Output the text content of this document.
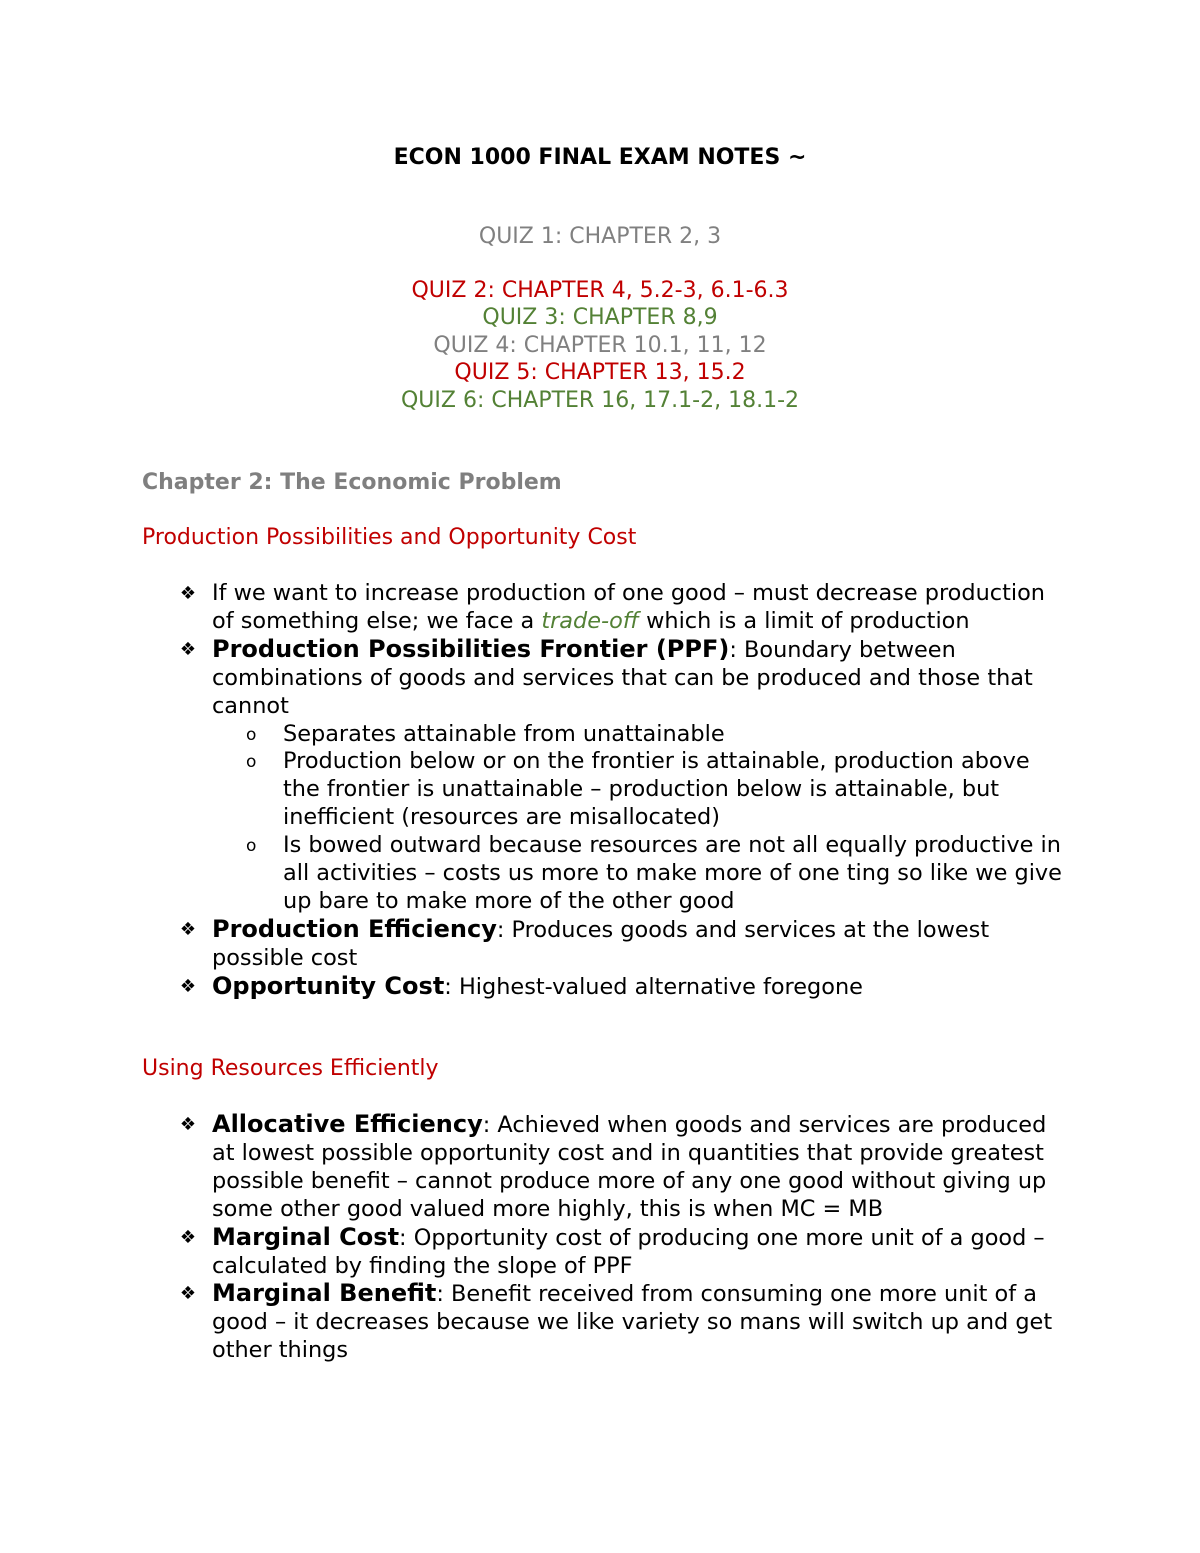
ECON 1000 FINAL EXAM NOTES ~
QUIZ 1: CHAPTER 2, 3
QUIZ 2: CHAPTER 4, 5.2-3, 6.1-6.3
QUIZ 3: CHAPTER 8,9
QUIZ 4: CHAPTER 10.1, 11, 12
QUIZ 5: CHAPTER 13, 15.2
QUIZ 6: CHAPTER 16, 17.1-2, 18.1-2
Chapter 2: The Economic Problem
Production Possibilities and Opportunity Cost
❖ If we want to increase production of one good – must decrease production of something else; we face a trade-off which is a limit of production
❖ Production Possibilities Frontier (PPF): Boundary between combinations of goods and services that can be produced and those that cannot
o Separates attainable from unattainable
o Production below or on the frontier is attainable, production above the frontier is unattainable – production below is attainable, but inefficient (resources are misallocated)
o Is bowed outward because resources are not all equally productive in all activities – costs us more to make more of one ting so like we give up bare to make more of the other good
❖ Production Efficiency: Produces goods and services at the lowest possible cost
❖ Opportunity Cost: Highest-valued alternative foregone
Using Resources Efficiently
❖ Allocative Efficiency: Achieved when goods and services are produced at lowest possible opportunity cost and in quantities that provide greatest possible benefit – cannot produce more of any one good without giving up some other good valued more highly, this is when MC = MB
❖ Marginal Cost: Opportunity cost of producing one more unit of a good – calculated by finding the slope of PPF
❖ Marginal Benefit: Benefit received from consuming one more unit of a good – it decreases because we like variety so mans will switch up and get other things
